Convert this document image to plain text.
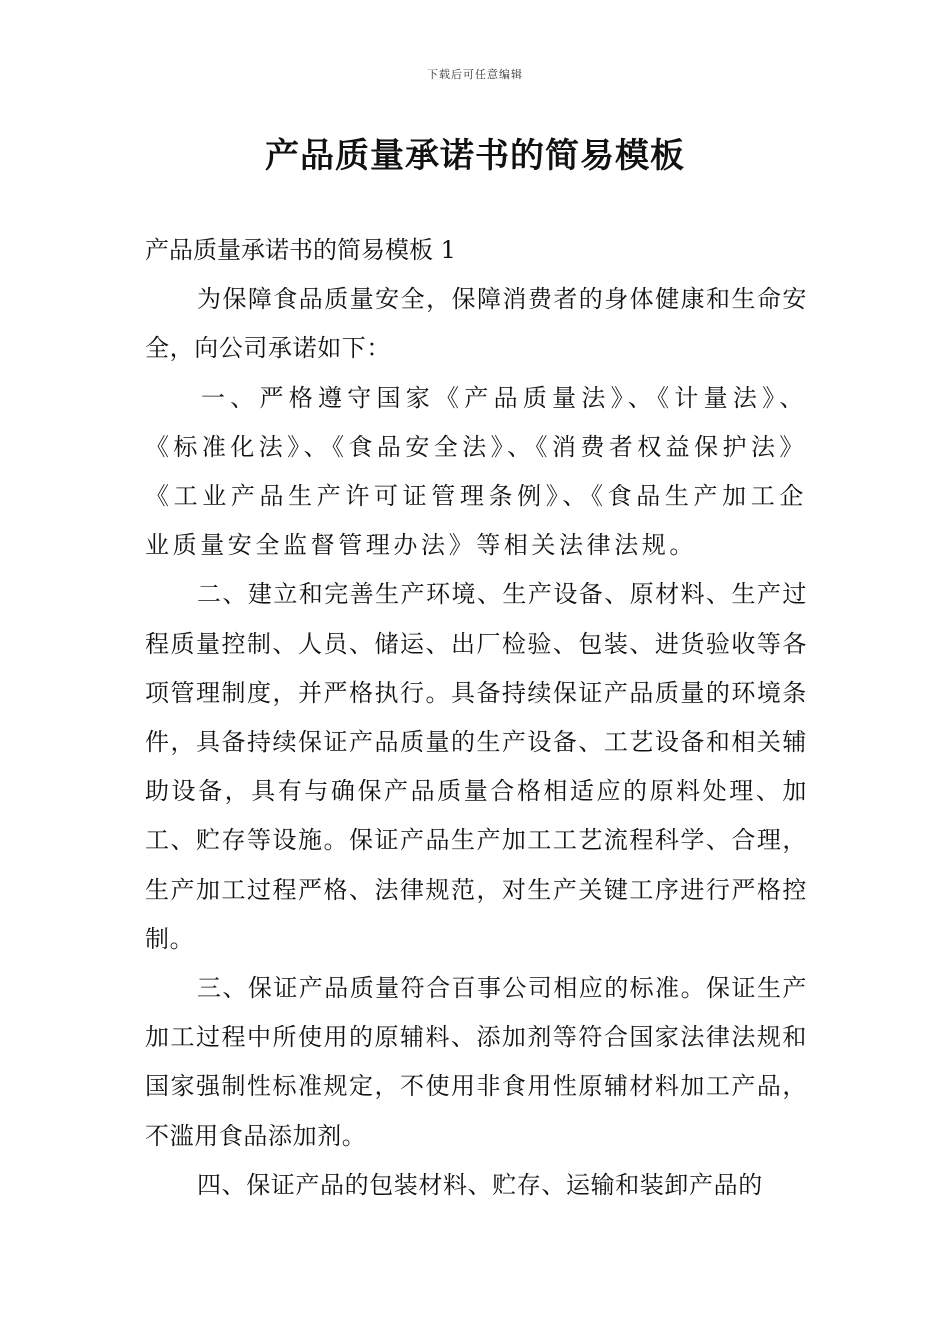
下载后可任意编辑
产品质量承诺书的简易模板

产品质量承诺书的简易模板 1

为保障食品质量安全，保障消费者的身体健康和生命安全，向公司承诺如下：

一、严格遵守国家《产品质量法》、《计量法》、《标准化法》、《食品安全法》、《消费者权益保护法》《工业产品生产许可证管理条例》、《食品生产加工企业质量安全监督管理办法》等相关法律法规。

二、建立和完善生产环境、生产设备、原材料、生产过程质量控制、人员、储运、出厂检验、包装、进货验收等各项管理制度，并严格执行。具备持续保证产品质量的环境条件，具备持续保证产品质量的生产设备、工艺设备和相关辅助设备，具有与确保产品质量合格相适应的原料处理、加工、贮存等设施。保证产品生产加工工艺流程科学、合理，生产加工过程严格、法律规范，对生产关键工序进行严格控制。

三、保证产品质量符合百事公司相应的标准。保证生产加工过程中所使用的原辅料、添加剂等符合国家法律法规和国家强制性标准规定，不使用非食用性原辅材料加工产品，不滥用食品添加剂。

四、保证产品的包装材料、贮存、运输和装卸产品的
